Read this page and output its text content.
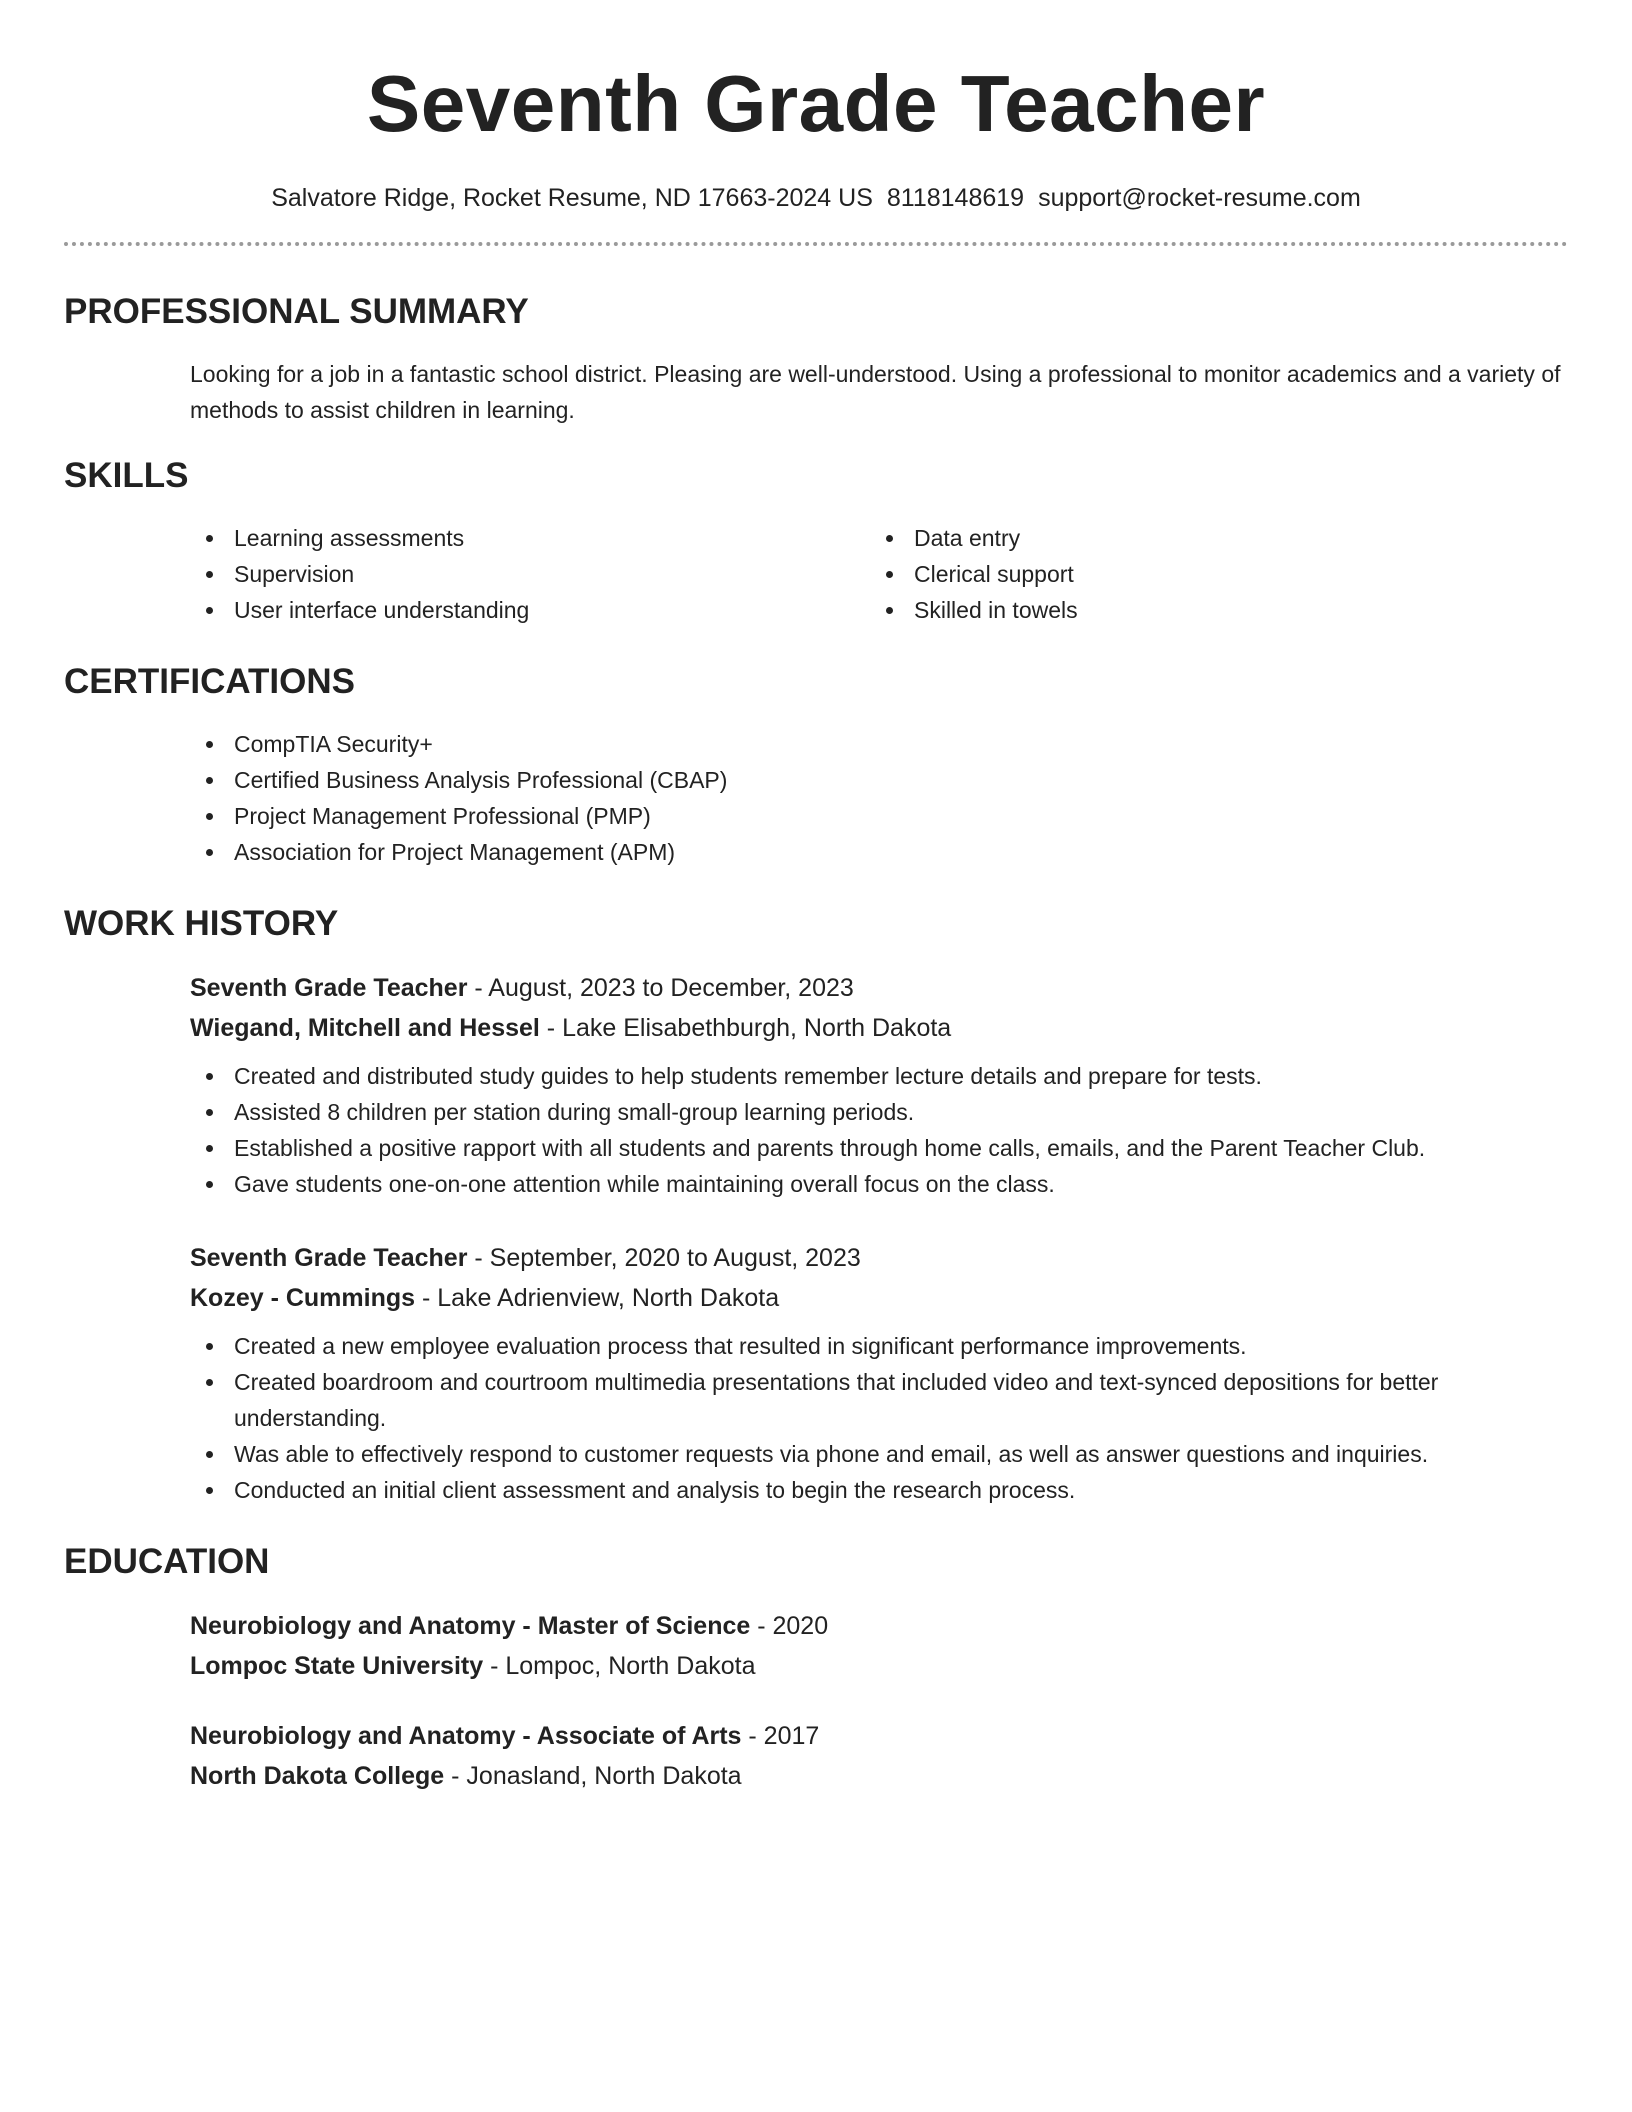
Seventh Grade Teacher
Salvatore Ridge, Rocket Resume, ND 17663-2024 US 8118148619 support@rocket-resume.com
PROFESSIONAL SUMMARY

Looking for a job in a fantastic school district. Pleasing are well-understood. Using a professional to monitor academics and a variety of methods to assist children in learning.

SKILLS
Learning assessments
Supervision
User interface understanding
Data entry
Clerical support
Skilled in towels
CERTIFICATIONS
CompTIA Security+
Certified Business Analysis Professional (CBAP)
Project Management Professional (PMP)
Association for Project Management (APM)
WORK HISTORY
Seventh Grade Teacher - August, 2023 to December, 2023
Wiegand, Mitchell and Hessel - Lake Elisabethburgh, North Dakota
Created and distributed study guides to help students remember lecture details and prepare for tests.
Assisted 8 children per station during small-group learning periods.
Established a positive rapport with all students and parents through home calls, emails, and the Parent Teacher Club.
Gave students one-on-one attention while maintaining overall focus on the class.
Seventh Grade Teacher - September, 2020 to August, 2023
Kozey - Cummings - Lake Adrienview, North Dakota
Created a new employee evaluation process that resulted in significant performance improvements.
Created boardroom and courtroom multimedia presentations that included video and text-synced depositions for better understanding.
Was able to effectively respond to customer requests via phone and email, as well as answer questions and inquiries.
Conducted an initial client assessment and analysis to begin the research process.
EDUCATION
Neurobiology and Anatomy - Master of Science - 2020
Lompoc State University - Lompoc, North Dakota
Neurobiology and Anatomy - Associate of Arts - 2017
North Dakota College - Jonasland, North Dakota
